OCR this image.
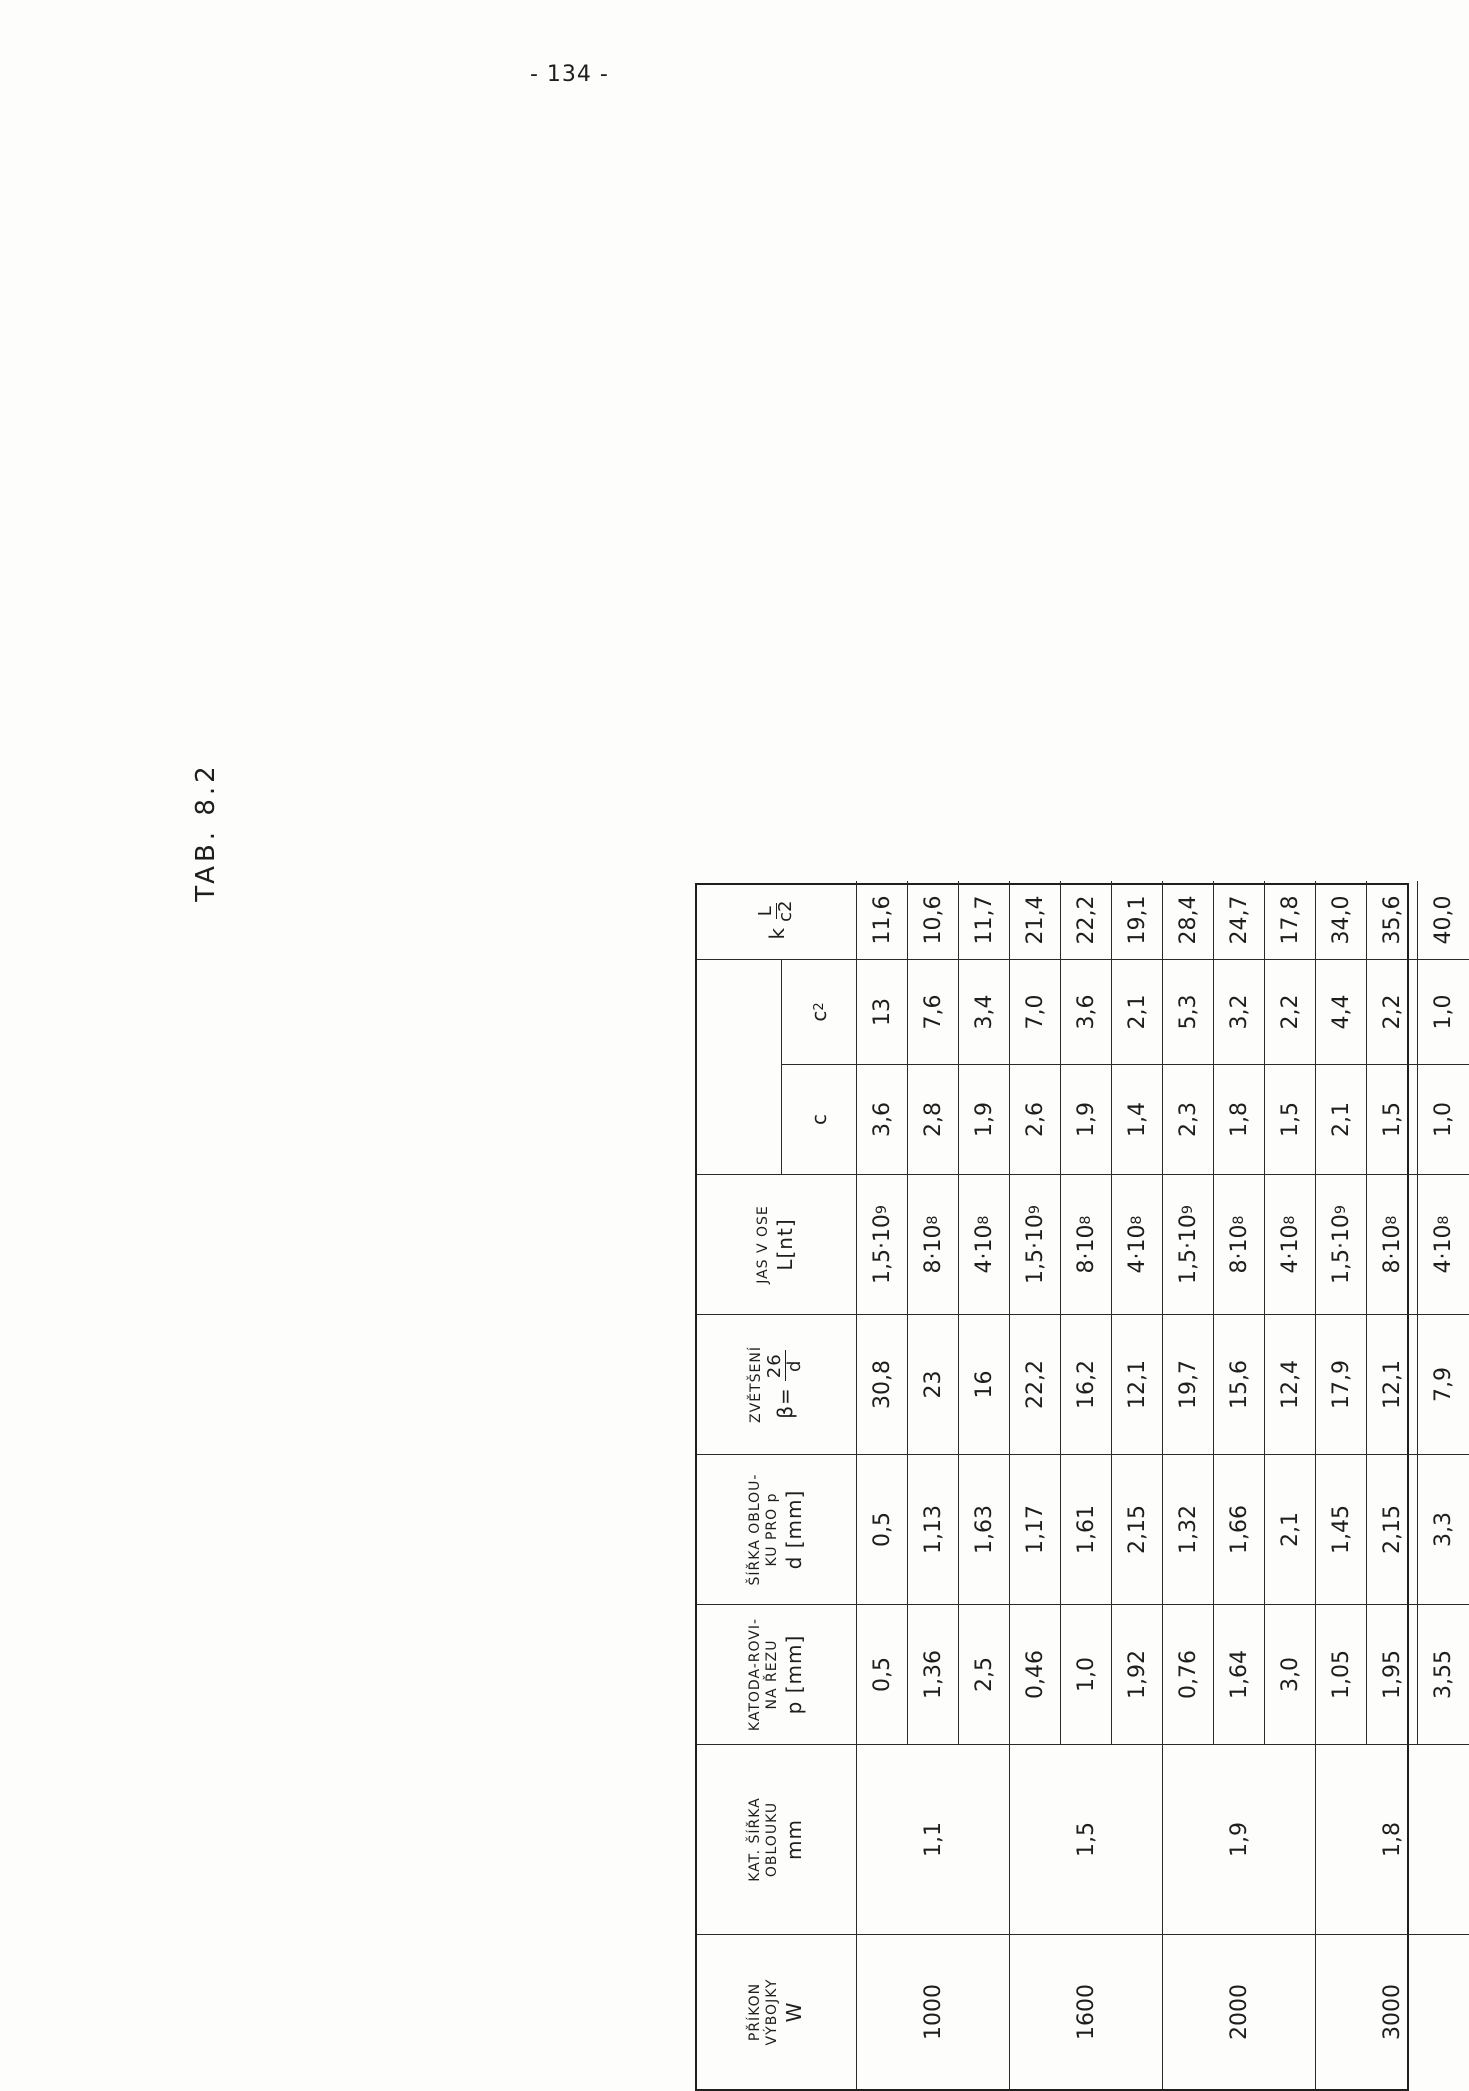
- 134 -
TAB. 8.2
PŘÍKON VÝBOJKY W
KAT. ŠÍŘKA OBLOUKU mm
KATODA-ROVI- NA ŘEZU p [mm]
ŠÍŘKA OBLOU- KU PRO p d [mm]
ZVĚTŠENÍ β=
26
d
JAS V OSE L[nt]
k
L
c2
c
c
2
1000
1,1
1600
1,5
2000
1,9
3000
1,8
0,5
0,5
30,8
1,5·10
9
3,6
13
11,6
1,36
1,13
23
8·10
8
2,8
7,6
10,6
2,5
1,63
16
4·10
8
1,9
3,4
11,7
0,46
1,17
22,2
1,5·10
9
2,6
7,0
21,4
1,0
1,61
16,2
8·10
8
1,9
3,6
22,2
1,92
2,15
12,1
4·10
8
1,4
2,1
19,1
0,76
1,32
19,7
1,5·10
9
2,3
5,3
28,4
1,64
1,66
15,6
8·10
8
1,8
3,2
24,7
3,0
2,1
12,4
4·10
8
1,5
2,2
17,8
1,05
1,45
17,9
1,5·10
9
2,1
4,4
34,0
1,95
2,15
12,1
8·10
8
1,5
2,2
35,6
3,55
3,3
7,9
4·10
8
1,0
1,0
40,0
